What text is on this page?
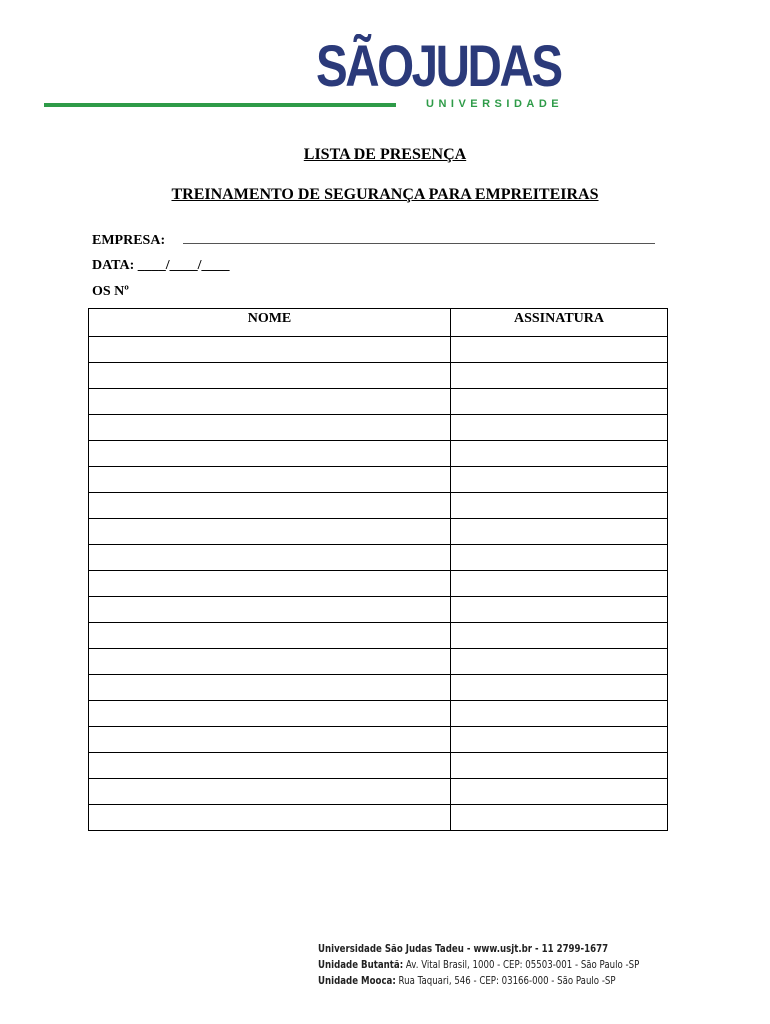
SÃOJUDAS
UNIVERSIDADE
LISTA DE PRESENÇA
TREINAMENTO DE SEGURANÇA PARA EMPREITEIRAS
EMPRESA:
DATA: ____/____/____
OS Nº
NOME	ASSINATURA

Universidade São Judas Tadeu - www.usjt.br - 11 2799-1677
Unidade Butantã: Av. Vital Brasil, 1000 - CEP: 05503-001 - São Paulo -SP
Unidade Mooca: Rua Taquari, 546 - CEP: 03166-000 - São Paulo -SP
